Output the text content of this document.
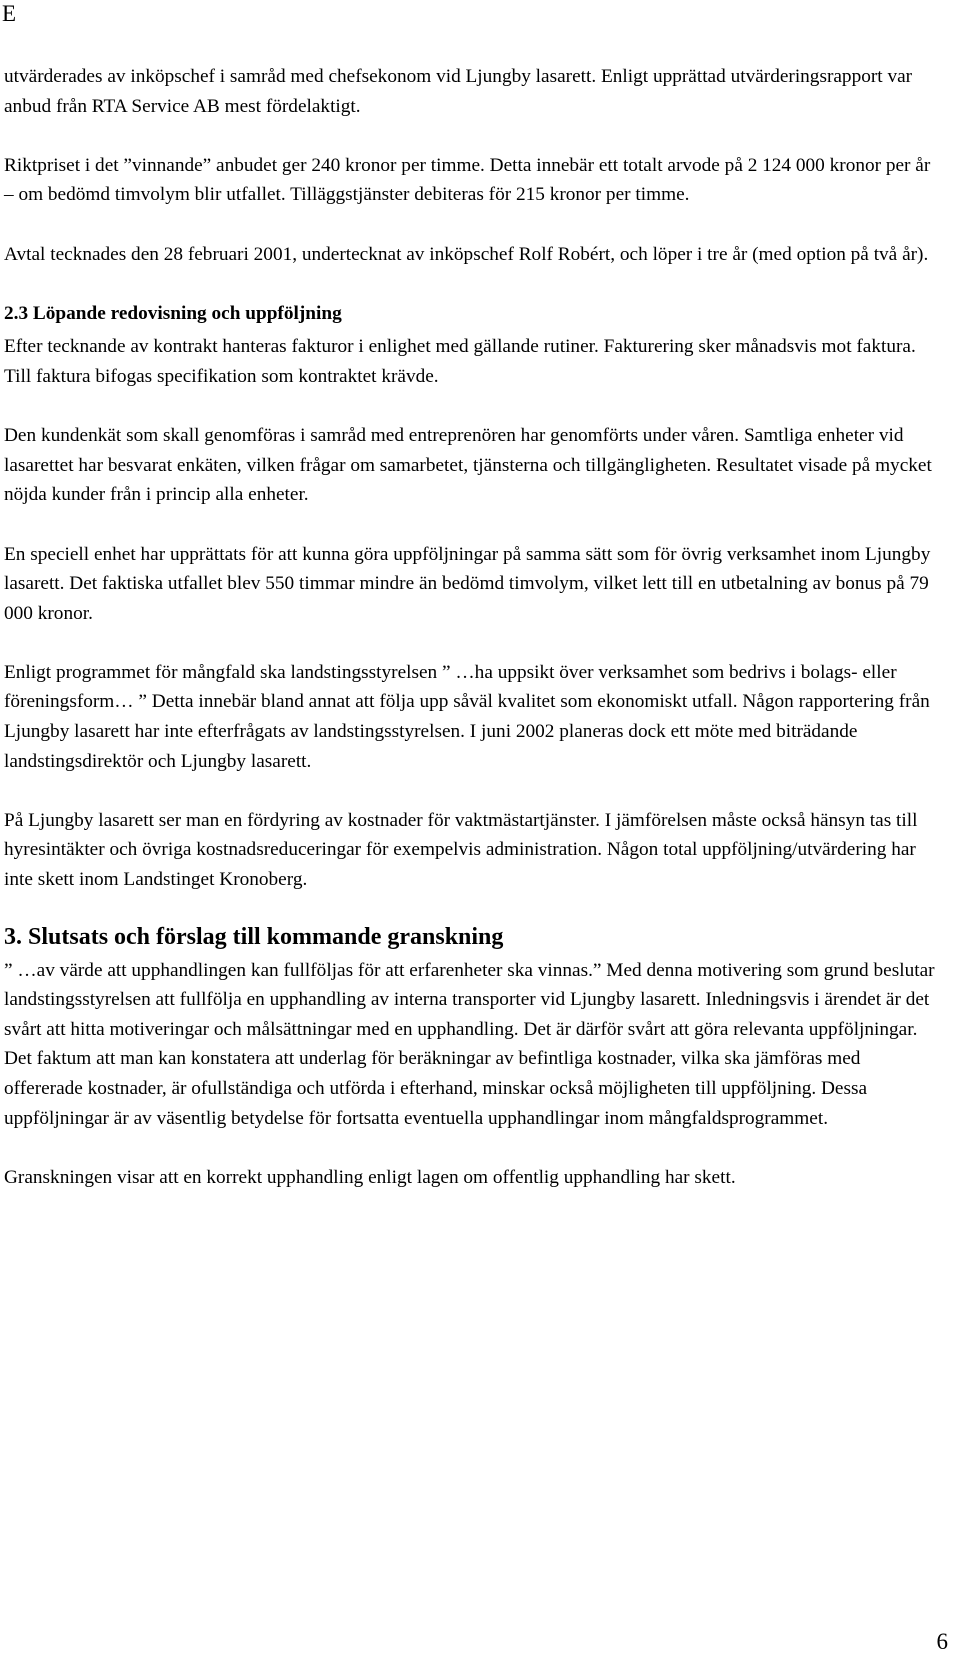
E

utvärderades av inköpschef i samråd med chefsekonom vid Ljungby lasarett. Enligt upprättad utvärderingsrapport var anbud från RTA Service AB mest fördelaktigt.

Riktpriset i det ”vinnande” anbudet ger 240 kronor per timme. Detta innebär ett totalt arvode på 2 124 000 kronor per år – om bedömd timvolym blir utfallet. Tilläggstjänster debiteras för 215 kronor per timme.

Avtal tecknades den 28 februari 2001, undertecknat av inköpschef Rolf Robért, och löper i tre år (med option på två år).

2.3 Löpande redovisning och uppföljning

Efter tecknande av kontrakt hanteras fakturor i enlighet med gällande rutiner. Fakturering sker månadsvis mot faktura. Till faktura bifogas specifikation som kontraktet krävde.

Den kundenkät som skall genomföras i samråd med entreprenören har genomförts under våren. Samtliga enheter vid lasarettet har besvarat enkäten, vilken frågar om samarbetet, tjänsterna och tillgängligheten. Resultatet visade på mycket nöjda kunder från i princip alla enheter.

En speciell enhet har upprättats för att kunna göra uppföljningar på samma sätt som för övrig verksamhet inom Ljungby lasarett. Det faktiska utfallet blev 550 timmar mindre än bedömd timvolym, vilket lett till en utbetalning av bonus på 79 000 kronor.

Enligt programmet för mångfald ska landstingsstyrelsen ” …ha uppsikt över verksamhet som bedrivs i bolags- eller föreningsform… ” Detta innebär bland annat att följa upp såväl kvalitet som ekonomiskt utfall. Någon rapportering från Ljungby lasarett har inte efterfrågats av landstingsstyrelsen. I juni 2002 planeras dock ett möte med biträdande landstingsdirektör och Ljungby lasarett.

På Ljungby lasarett ser man en fördyring av kostnader för vaktmästartjänster. I jämförelsen måste också hänsyn tas till hyresintäkter och övriga kostnadsreduceringar för exempelvis administration. Någon total uppföljning/utvärdering har inte skett inom Landstinget Kronoberg.

3. Slutsats och förslag till kommande granskning

” …av värde att upphandlingen kan fullföljas för att erfarenheter ska vinnas.” Med denna motivering som grund beslutar landstingsstyrelsen att fullfölja en upphandling av interna transporter vid Ljungby lasarett. Inledningsvis i ärendet är det svårt att hitta motiveringar och målsättningar med en upphandling. Det är därför svårt att göra relevanta uppföljningar. Det faktum att man kan konstatera att underlag för beräkningar av befintliga kostnader, vilka ska jämföras med offererade kostnader, är ofullständiga och utförda i efterhand, minskar också möjligheten till uppföljning. Dessa uppföljningar är av väsentlig betydelse för fortsatta eventuella upphandlingar inom mångfaldsprogrammet.

Granskningen visar att en korrekt upphandling enligt lagen om offentlig upphandling har skett.

6
